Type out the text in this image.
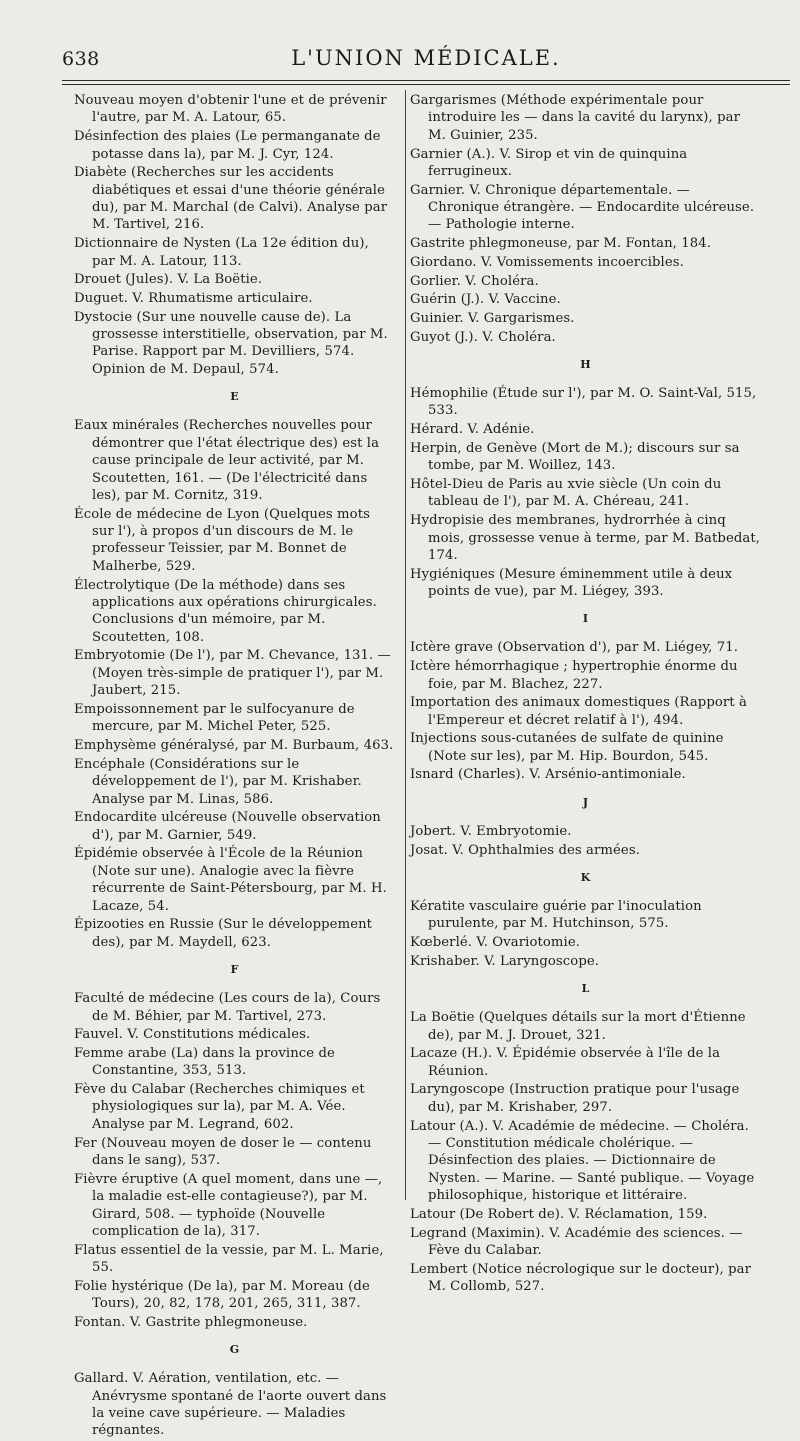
638	L'UNION MÉDICALE.
Nouveau moyen d'obtenir l'une et de prévenir l'autre, par M. A. Latour, 65.
Désinfection des plaies (Le permanganate de potasse dans la), par M. J. Cyr, 124.
Diabète (Recherches sur les accidents diabétiques et essai d'une théorie générale du), par M. Marchal (de Calvi). Analyse par M. Tartivel, 216.
Dictionnaire de Nysten (La 12e édition du), par M. A. Latour, 113.
Drouet (Jules). V. La Boëtie.
Duguet. V. Rhumatisme articulaire.
Dystocie (Sur une nouvelle cause de). La grossesse interstitielle, observation, par M. Parise. Rapport par M. Devilliers, 574. Opinion de M. Depaul, 574.
E
Eaux minérales (Recherches nouvelles pour démontrer que l'état électrique des) est la cause principale de leur activité, par M. Scoutetten, 161. — (De l'électricité dans les), par M. Cornitz, 319.
École de médecine de Lyon (Quelques mots sur l'), à propos d'un discours de M. le professeur Teissier, par M. Bonnet de Malherbe, 529.
Électrolytique (De la méthode) dans ses applications aux opérations chirurgicales. Conclusions d'un mémoire, par M. Scoutetten, 108.
Embryotomie (De l'), par M. Chevance, 131. — (Moyen très-simple de pratiquer l'), par M. Jaubert, 215.
Empoissonnement par le sulfocyanure de mercure, par M. Michel Peter, 525.
Emphysème généralysé, par M. Burbaum, 463.
Encéphale (Considérations sur le développement de l'), par M. Krishaber. Analyse par M. Linas, 586.
Endocardite ulcéreuse (Nouvelle observation d'), par M. Garnier, 549.
Épidémie observée à l'École de la Réunion (Note sur une). Analogie avec la fièvre récurrente de Saint-Pétersbourg, par M. H. Lacaze, 54.
Épizooties en Russie (Sur le développement des), par M. Maydell, 623.
F
Faculté de médecine (Les cours de la), Cours de M. Béhier, par M. Tartivel, 273.
Fauvel. V. Constitutions médicales.
Femme arabe (La) dans la province de Constantine, 353, 513.
Fève du Calabar (Recherches chimiques et physiologiques sur la), par M. A. Vée. Analyse par M. Legrand, 602.
Fer (Nouveau moyen de doser le — contenu dans le sang), 537.
Fièvre éruptive (A quel moment, dans une —, la maladie est-elle contagieuse?), par M. Girard, 508. — typhoïde (Nouvelle complication de la), 317.
Flatus essentiel de la vessie, par M. L. Marie, 55.
Folie hystérique (De la), par M. Moreau (de Tours), 20, 82, 178, 201, 265, 311, 387.
Fontan. V. Gastrite phlegmoneuse.
G
Gallard. V. Aération, ventilation, etc. — Anévrysme spontané de l'aorte ouvert dans la veine cave supérieure. — Maladies régnantes.
Gargarismes (Méthode expérimentale pour introduire les — dans la cavité du larynx), par M. Guinier, 235.
Garnier (A.). V. Sirop et vin de quinquina ferrugineux.
Garnier. V. Chronique départementale. — Chronique étrangère. — Endocardite ulcéreuse. — Pathologie interne.
Gastrite phlegmoneuse, par M. Fontan, 184.
Giordano. V. Vomissements incoercibles.
Gorlier. V. Choléra.
Guérin (J.). V. Vaccine.
Guinier. V. Gargarismes.
Guyot (J.). V. Choléra.
H
Hémophilie (Étude sur l'), par M. O. Saint-Val, 515, 533.
Hérard. V. Adénie.
Herpin, de Genève (Mort de M.); discours sur sa tombe, par M. Woillez, 143.
Hôtel-Dieu de Paris au xvie siècle (Un coin du tableau de l'), par M. A. Chéreau, 241.
Hydropisie des membranes, hydrorrhée à cinq mois, grossesse venue à terme, par M. Batbedat, 174.
Hygiéniques (Mesure éminemment utile à deux points de vue), par M. Liégey, 393.
I
Ictère grave (Observation d'), par M. Liégey, 71.
Ictère hémorrhagique ; hypertrophie énorme du foie, par M. Blachez, 227.
Importation des animaux domestiques (Rapport à l'Empereur et décret relatif à l'), 494.
Injections sous-cutanées de sulfate de quinine (Note sur les), par M. Hip. Bourdon, 545.
Isnard (Charles). V. Arsénio-antimoniale.
J
Jobert. V. Embryotomie.
Josat. V. Ophthalmies des armées.
K
Kératite vasculaire guérie par l'inoculation purulente, par M. Hutchinson, 575.
Kœberlé. V. Ovariotomie.
Krishaber. V. Laryngoscope.
L
La Boëtie (Quelques détails sur la mort d'Étienne de), par M. J. Drouet, 321.
Lacaze (H.). V. Épidémie observée à l'île de la Réunion.
Laryngoscope (Instruction pratique pour l'usage du), par M. Krishaber, 297.
Latour (A.). V. Académie de médecine. — Choléra. — Constitution médicale cholérique. — Désinfection des plaies. — Dictionnaire de Nysten. — Marine. — Santé publique. — Voyage philosophique, historique et littéraire.
Latour (De Robert de). V. Réclamation, 159.
Legrand (Maximin). V. Académie des sciences. — Fève du Calabar.
Lembert (Notice nécrologique sur le docteur), par M. Collomb, 527.
